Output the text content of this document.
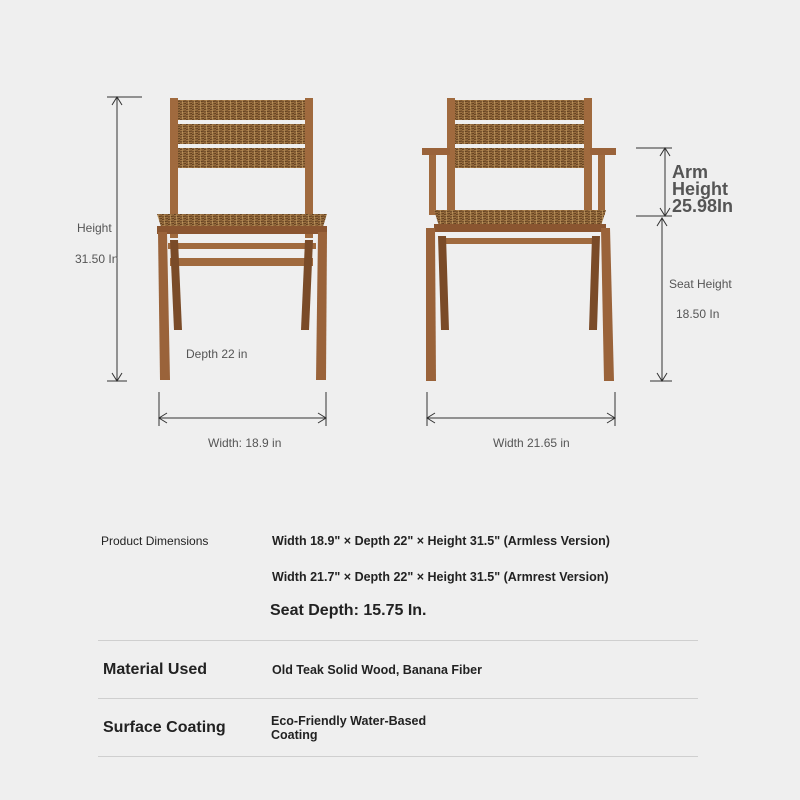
Height
31.50 In
Depth 22 in
Width: 18.9 in
Arm
Height
25.98In
Seat Height
18.50 In
Width 21.65 in
Product Dimensions	Width 18.9" × Depth 22" × Height 31.5" (Armless Version)
Width 21.7" × Depth 22" × Height 31.5" (Armrest Version)
Seat Depth: 15.75 In.
Material Used	Old Teak Solid Wood, Banana Fiber
Surface Coating	Eco-Friendly Water-Based Coating
